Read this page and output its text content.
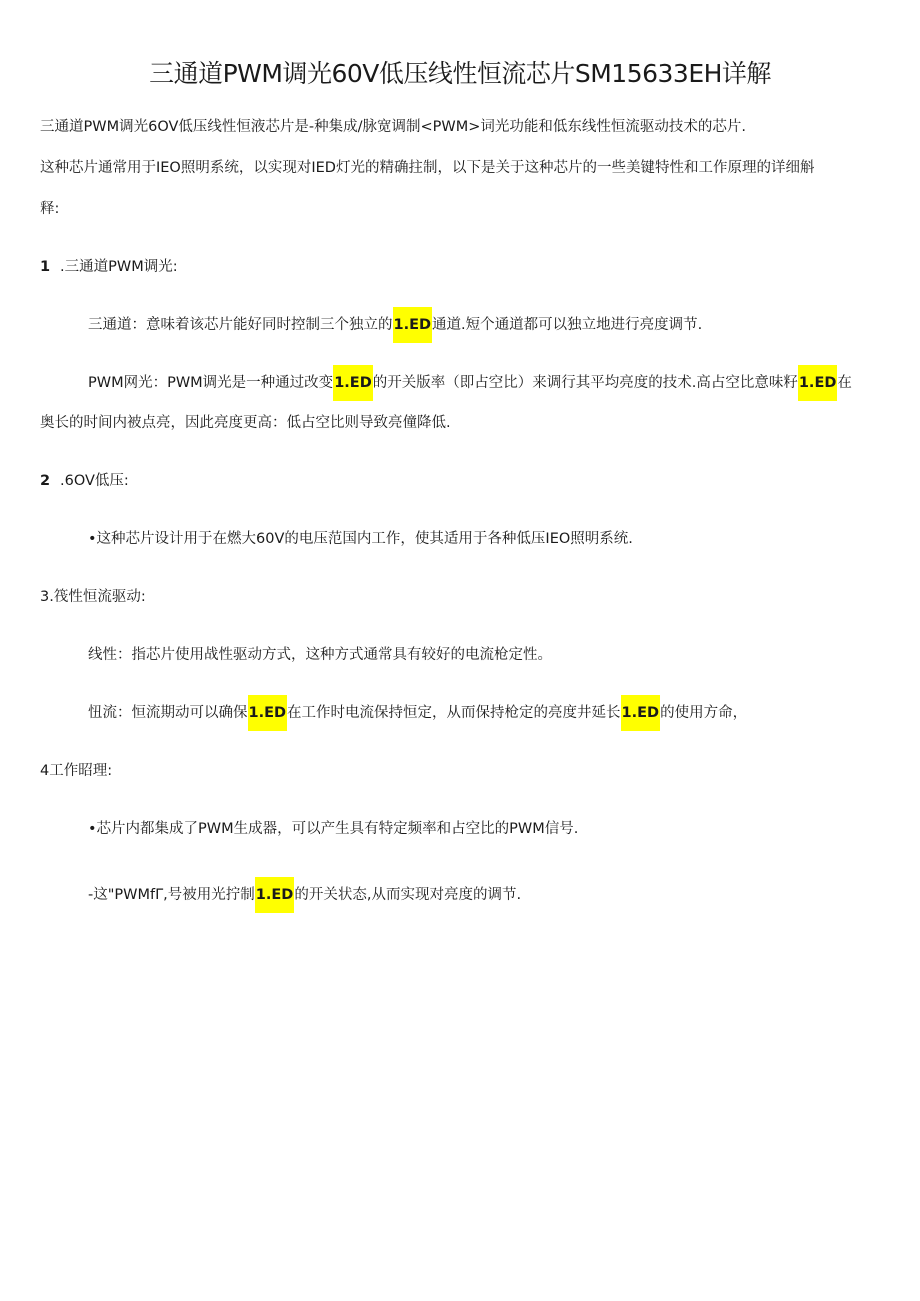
三通道PWM调光60V低压线性恒流芯片SM15633EH详解
三通道PWM调光6OV低压线性恒液芯片是-种集成/脉宽调制<PWM>词光功能和低东线性恒流驱动技术的芯片.
这种芯片通常用于IEO照明系统，以实现对IED灯光的精确拄制，以下是关于这种芯片的一些美键特性和工作原理的详细斛
释:
1 .三通道PWM调光:
三通道：意味着该芯片能好同时控制三个独立的1.ED通道.短个通道都可以独立地进行亮度调节.
PWM网光：PWM调光是一种通过改变1.ED的开关版率（即占空比）来调行其平均亮度的技术.高占空比意味籽1.ED在
奥长的时间内被点亮，因此亮度更高：低占空比则导致亮僮降低.
2 .6OV低压:
•这种芯片设计用于在燃大60V的电压范国内工作，使其适用于各种低压IEO照明系统.
3.筏性恒流驱动:
线性：指芯片使用战性驱动方式，这种方式通常具有较好的电流枪定性。
忸流：恒流期动可以确保1.ED在工作时电流保持恒定，从而保持枪定的亮度井延长1.ED的使用方命，
4工作昭理:
•芯片内都集成了PWM生成器，可以产生具有特定频率和占空比的PWM信号.
-这"PWMfΓ,号被用光拧制1.ED的开关状态,从而实现对亮度的调节.
